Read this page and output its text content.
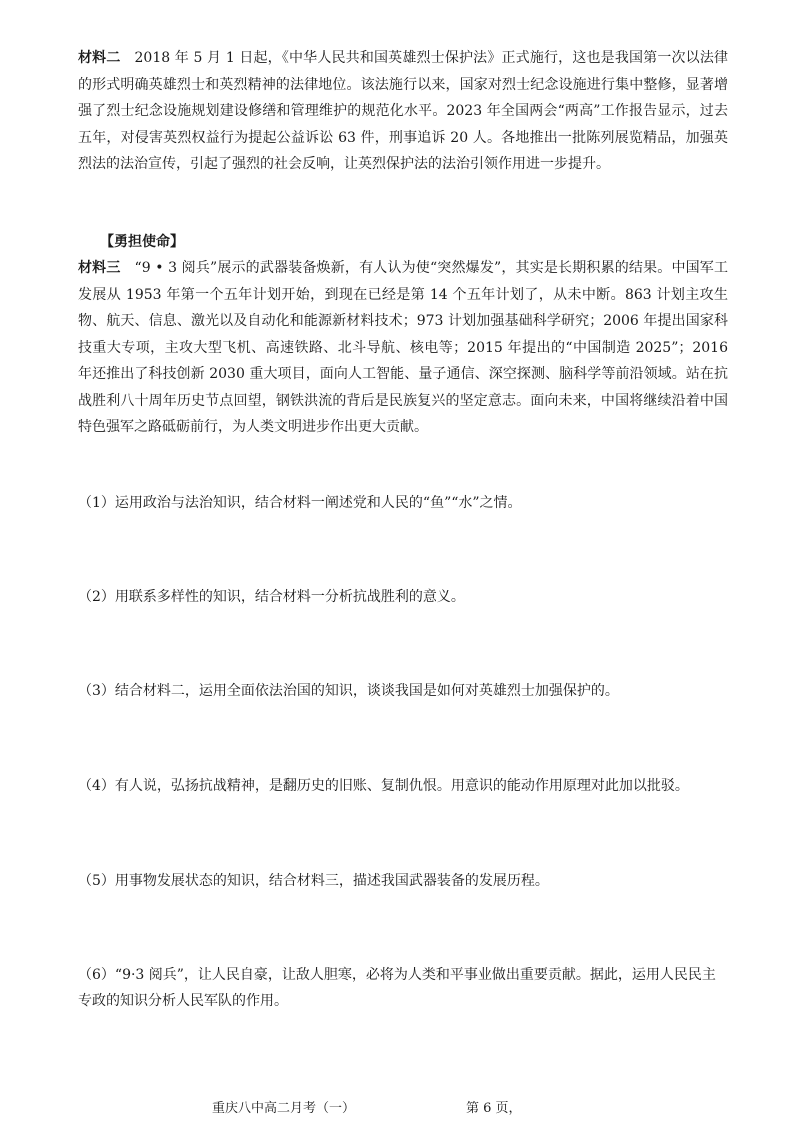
材料二 2018 年 5 月 1 日起，《中华人民共和国英雄烈士保护法》正式施行，这也是我国第一次以法律的形式明确英雄烈士和英烈精神的法律地位。该法施行以来，国家对烈士纪念设施进行集中整修，显著增强了烈士纪念设施规划建设修缮和管理维护的规范化水平。2023 年全国两会“两高”工作报告显示，过去五年，对侵害英烈权益行为提起公益诉讼 63 件，刑事追诉 20 人。各地推出一批陈列展览精品，加强英烈法的法治宣传，引起了强烈的社会反响，让英烈保护法的法治引领作用进一步提升。

【勇担使命】

材料三 “9 • 3 阅兵”展示的武器装备焕新，有人认为使“突然爆发”，其实是长期积累的结果。中国军工发展从 1953 年第一个五年计划开始，到现在已经是第 14 个五年计划了，从未中断。863 计划主攻生物、航天、信息、激光以及自动化和能源新材料技术；973 计划加强基础科学研究；2006 年提出国家科技重大专项，主攻大型飞机、高速铁路、北斗导航、核电等；2015 年提出的“中国制造 2025”；2016 年还推出了科技创新 2030 重大项目，面向人工智能、量子通信、深空探测、脑科学等前沿领域。站在抗战胜利八十周年历史节点回望，钢铁洪流的背后是民族复兴的坚定意志。面向未来，中国将继续沿着中国特色强军之路砥砺前行，为人类文明进步作出更大贡献。

（1）运用政治与法治知识，结合材料一阐述党和人民的“鱼”“水”之情。

（2）用联系多样性的知识，结合材料一分析抗战胜利的意义。

（3）结合材料二，运用全面依法治国的知识，谈谈我国是如何对英雄烈士加强保护的。

（4）有人说，弘扬抗战精神，是翻历史的旧账、复制仇恨。用意识的能动作用原理对此加以批驳。

（5）用事物发展状态的知识，结合材料三，描述我国武器装备的发展历程。

（6）“9·3 阅兵”，让人民自豪，让敌人胆寒，必将为人类和平事业做出重要贡献。据此，运用人民民主专政的知识分析人民军队的作用。

重庆八中高二月考（一）	第 6 页，
